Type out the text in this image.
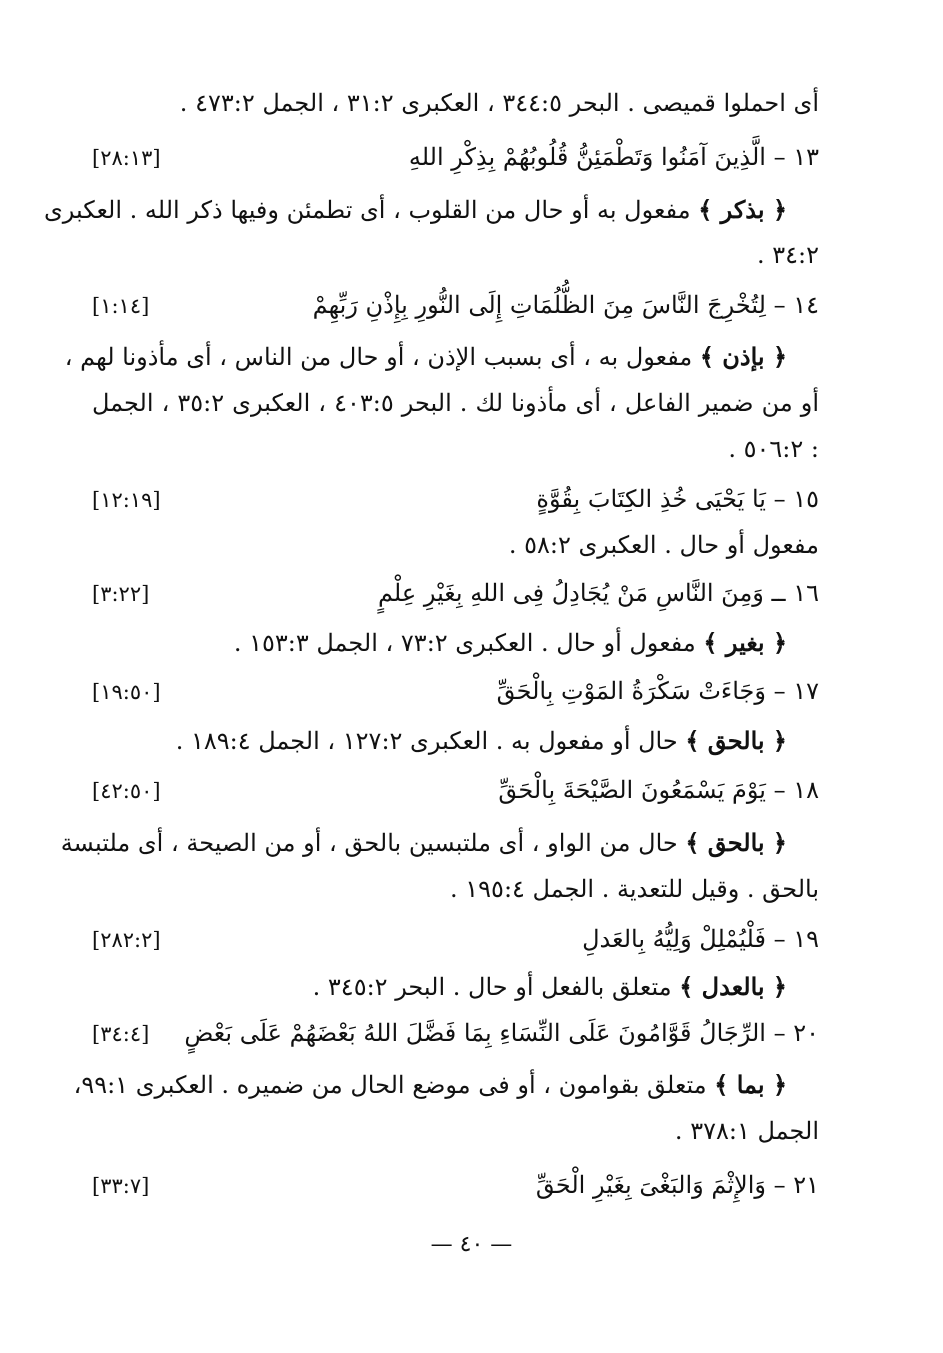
أى احملوا قميصى . البحر ٣٤٤:٥ ، العكبرى ٣١:٢ ، الجمل ٤٧٣:٢ .
١٣ – الَّذِينَ آمَنُوا وَتَطْمَئِنُّ قُلُوبُهُمْ بِذِكْرِ اللهِ
[٢٨:١٣]
﴿ بذكر ﴾ مفعول به أو حال من القلوب ، أى تطمئن وفيها ذكر الله . العكبرى
٣٤:٢ .
١٤ – لِتُخْرِجَ النَّاسَ مِنَ الظُّلُمَاتِ إِلَى النُّورِ بِإِذْنِ رَبِّهِمْ
[١:١٤]
﴿ بإذن ﴾ مفعول به ، أى بسبب الإذن ، أو حال من الناس ، أى مأذونا لهم ،
أو من ضمير الفاعل ، أى مأذونا لك . البحر ٤٠٣:٥ ، العكبرى ٣٥:٢ ، الجمل
: ٥٠٦:٢ .
١٥ – يَا يَحْيَى خُذِ الكِتَابَ بِقُوَّةٍ
[١٢:١٩]
مفعول أو حال . العكبرى ٥٨:٢ .
١٦ ــ وَمِنَ النَّاسِ مَنْ يُجَادِلُ فِى اللهِ بِغَيْرِ عِلْمٍ
[٣:٢٢]
﴿ بغير ﴾ مفعول أو حال . العكبرى ٧٣:٢ ، الجمل ١٥٣:٣ .
١٧ – وَجَاءَتْ سَكْرَةُ المَوْتِ بِالْحَقِّ
[١٩:٥٠]
﴿ بالحق ﴾ حال أو مفعول به . العكبرى ١٢٧:٢ ، الجمل ١٨٩:٤ .
١٨ – يَوْمَ يَسْمَعُونَ الصَّيْحَةَ بِالْحَقِّ
[٤٢:٥٠]
﴿ بالحق ﴾ حال من الواو ، أى ملتبسين بالحق ، أو من الصيحة ، أى ملتبسة
بالحق . وقيل للتعدية . الجمل ١٩٥:٤ .
١٩ – فَلْيُمْلِلْ وَلِيُّهُ بِالعَدلِ
[٢٨٢:٢]
﴿ بالعدل ﴾ متعلق بالفعل أو حال . البحر ٣٤٥:٢ .
٢٠ – الرِّجَالُ قَوَّامُونَ عَلَى النِّسَاءِ بِمَا فَضَّلَ اللهُ بَعْضَهُمْ عَلَى بَعْضٍ
[٣٤:٤]
﴿ بما ﴾ متعلق بقوامون ، أو فى موضع الحال من ضميره . العكبرى ٩٩:١،
الجمل ٣٧٨:١ .
٢١ – وَالإِثْمَ وَالبَغْىَ بِغَيْرِ الْحَقِّ
[٣٣:٧]
— ٤٠ —
